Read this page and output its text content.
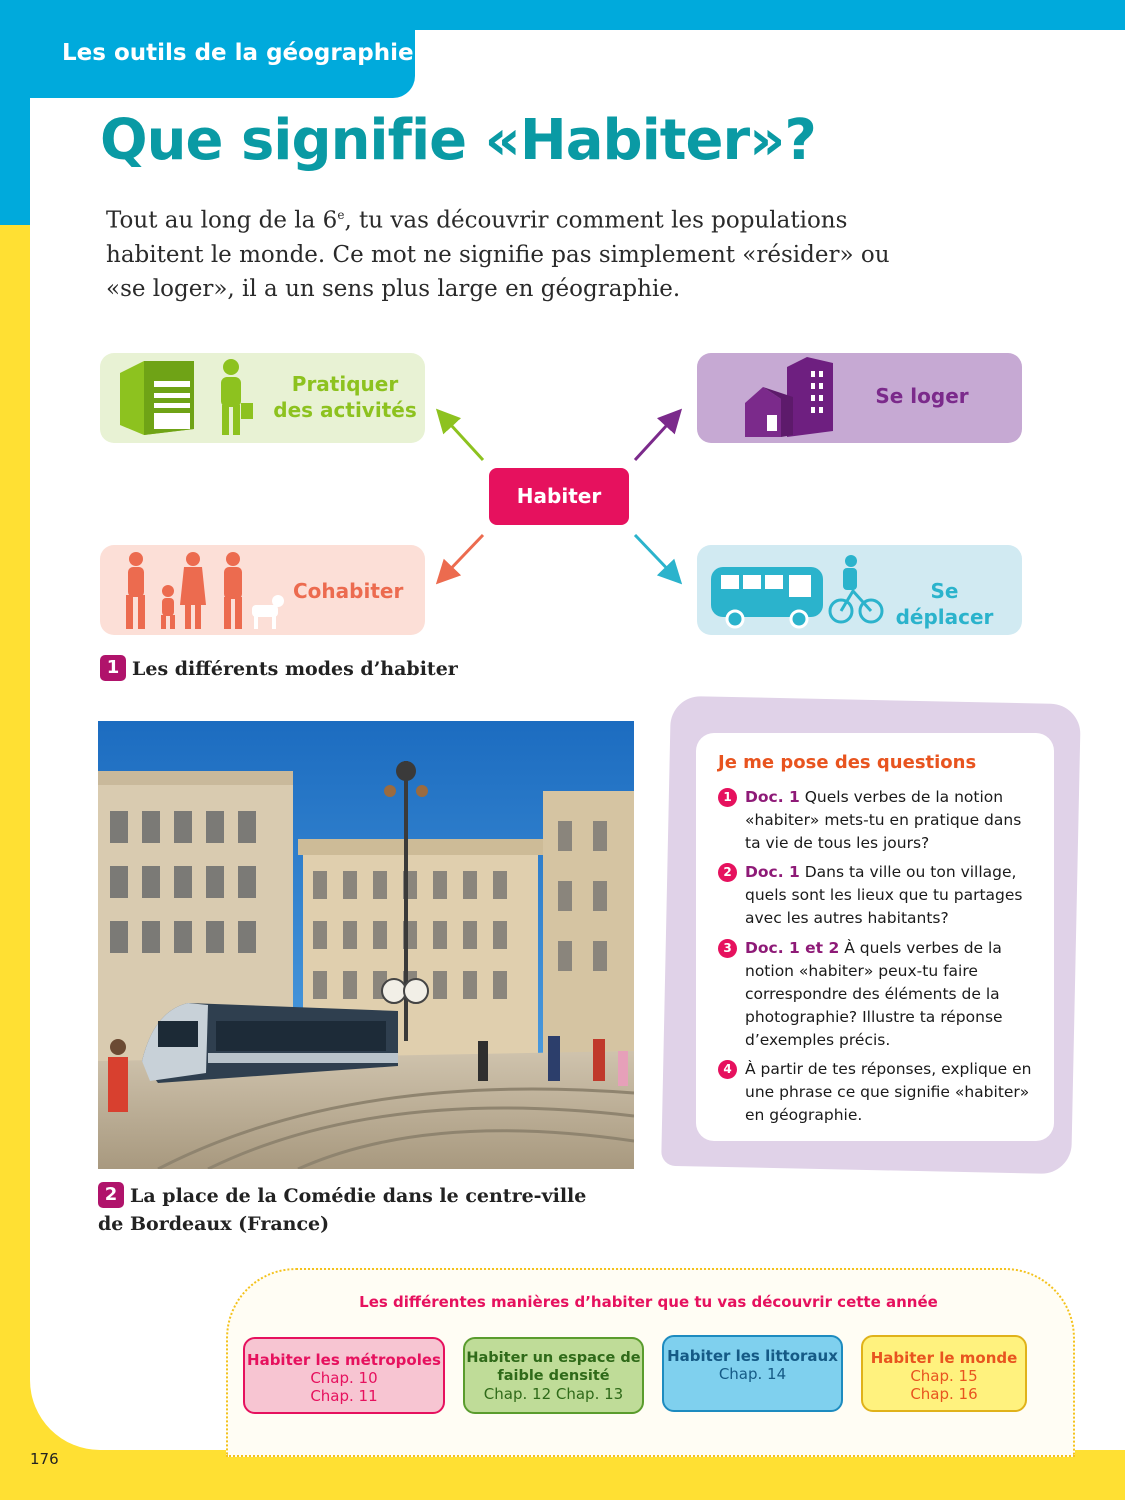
Les outils de la géographie
Que signifie «Habiter»?
Tout au long de la 6e, tu vas découvrir comment les populations habitent le monde. Ce mot ne signifie pas simplement «résider» ou «se loger», il a un sens plus large en géographie.
Pratiquer
des activités
Se loger
Cohabiter	Se déplacer
Habiter
1 Les différents modes d’habiter
2 La place de la Comédie dans le centre-ville de Bordeaux (France)
Je me pose des questions
1 Doc. 1 Quels verbes de la notion «habiter» mets-tu en pratique dans ta vie de tous les jours?
2 Doc. 1 Dans ta ville ou ton village, quels sont les lieux que tu partages avec les autres habitants?
3 Doc. 1 et 2 À quels verbes de la notion «habiter» peux-tu faire correspondre des éléments de la photographie? Illustre ta réponse d’exemples précis.
4 À partir de tes réponses, explique en une phrase ce que signifie «habiter» en géographie.
Les différentes manières d’habiter que tu vas découvrir cette année
Habiter les métropoles
Chap. 10
Chap. 11
Habiter un espace de faible densité
Chap. 12 Chap. 13
Habiter les littoraux
Chap. 14
Habiter le monde
Chap. 15
Chap. 16
176
